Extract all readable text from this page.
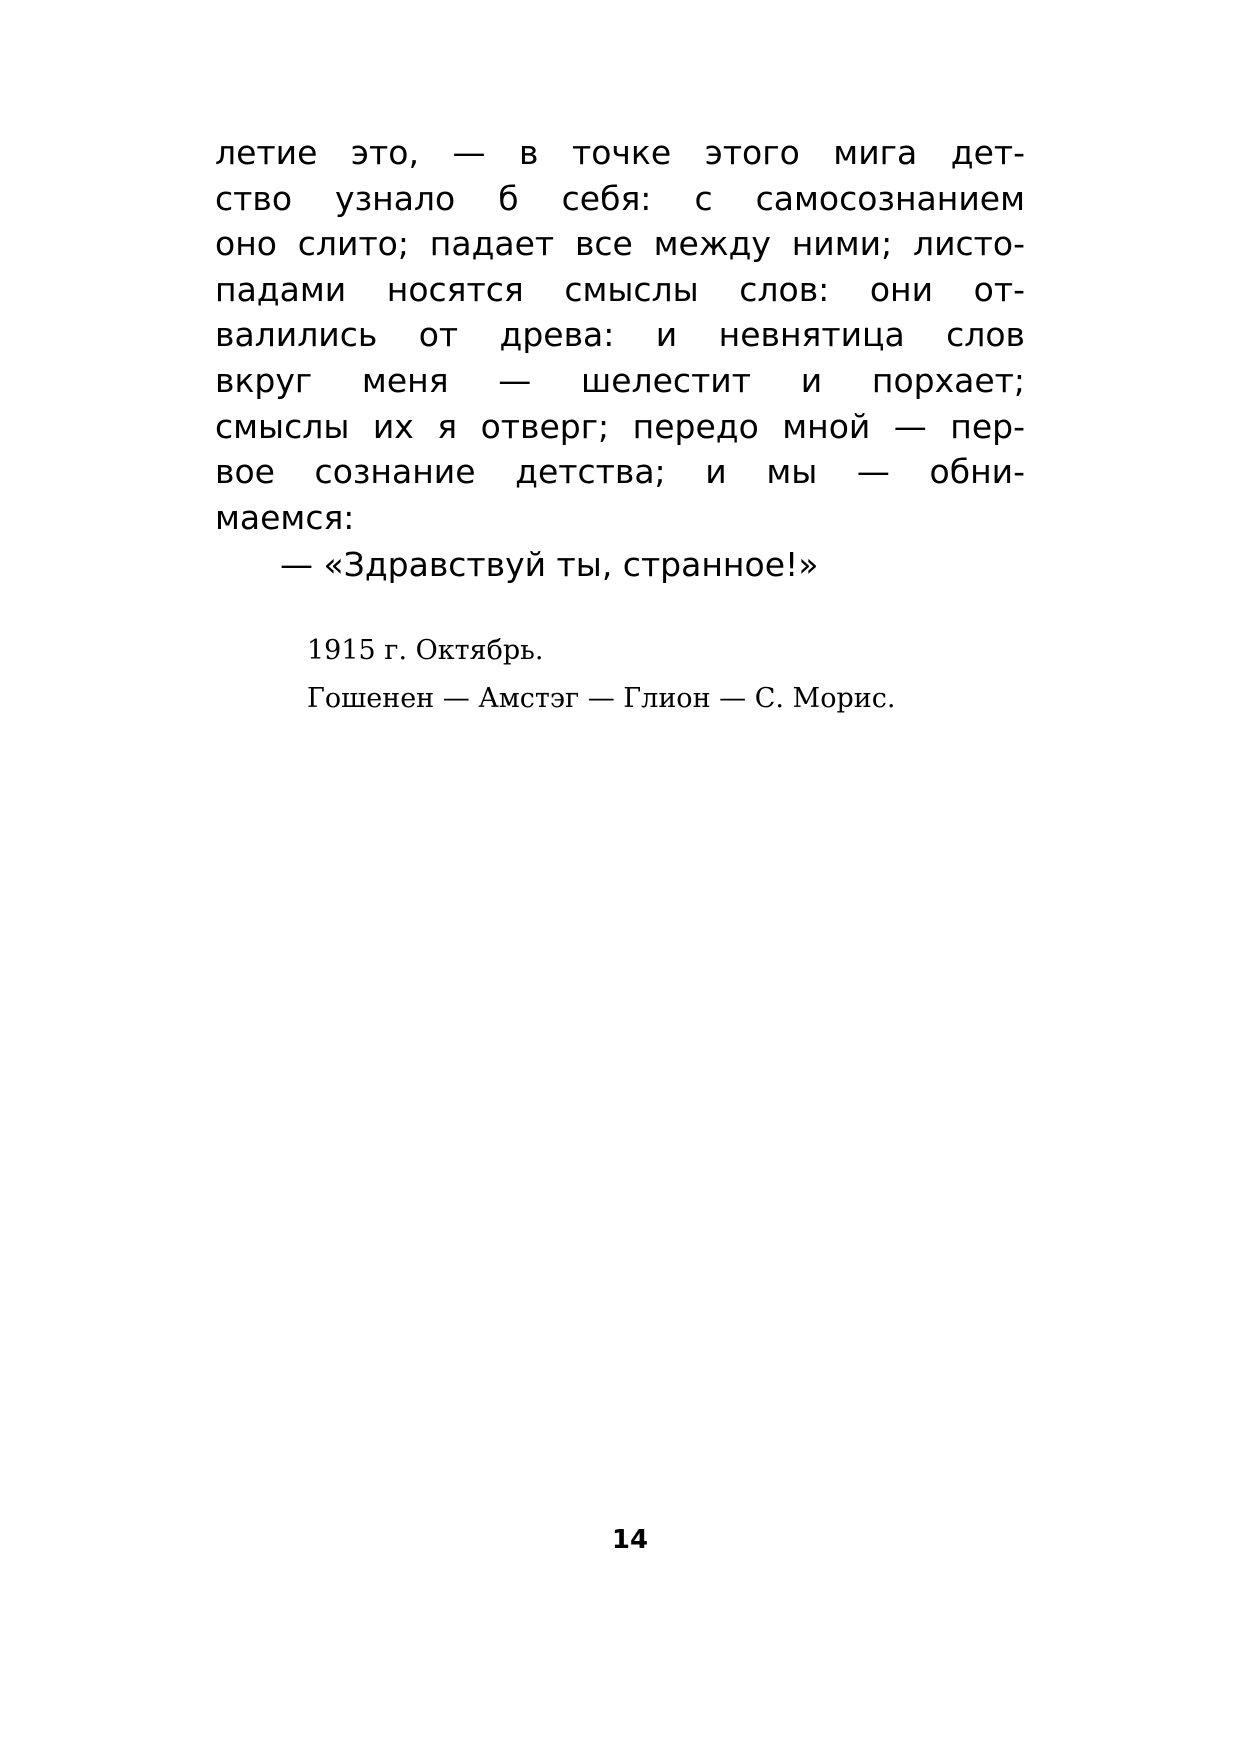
летие это, — в точке этого мига дет-
ство узнало б себя: с самосознанием
оно слито; падает все между ними; листо-
падами носятся смыслы слов: они от-
валились от древа: и невнятица слов
вкруг меня — шелестит и порхает;
смыслы их я отверг; передо мной — пер-
вое сознание детства; и мы — обни-
маемся:
— «Здравствуй ты, странное!»
1915 г. Октябрь.
Гошенен — Амстэг — Глион — С. Морис.
14
